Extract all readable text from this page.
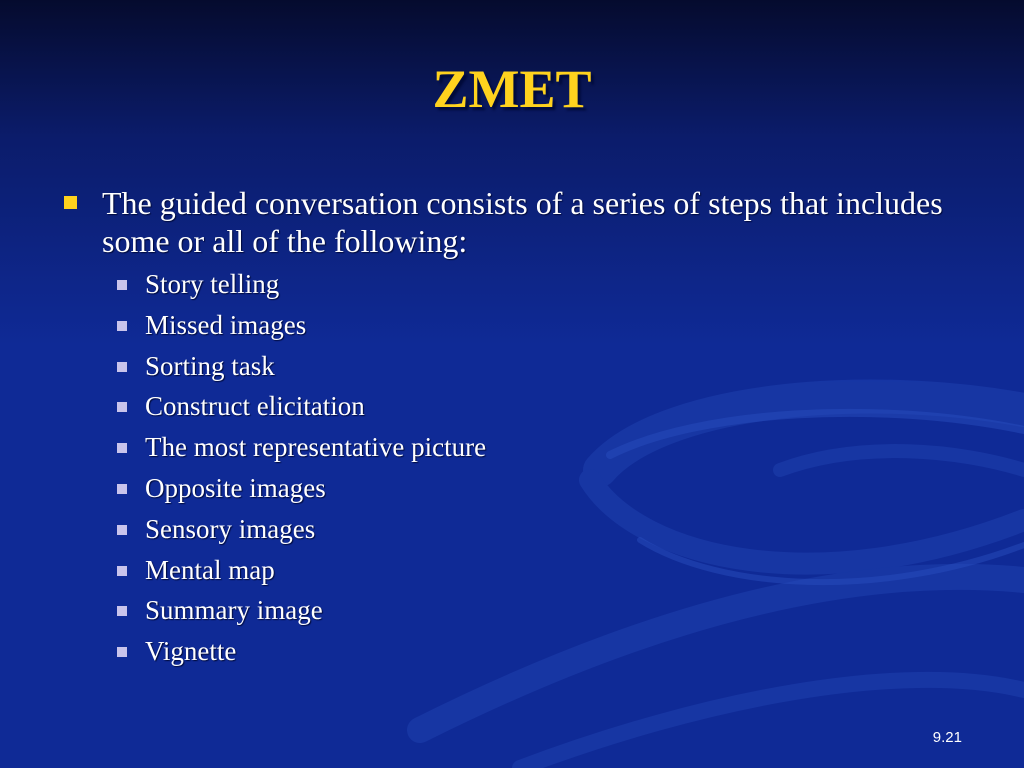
ZMET
The guided conversation consists of a series of steps that includes some or all of the following:
Story telling
Missed images
Sorting task
Construct elicitation
The most representative picture
Opposite images
Sensory images
Mental map
Summary image
Vignette
9.21
